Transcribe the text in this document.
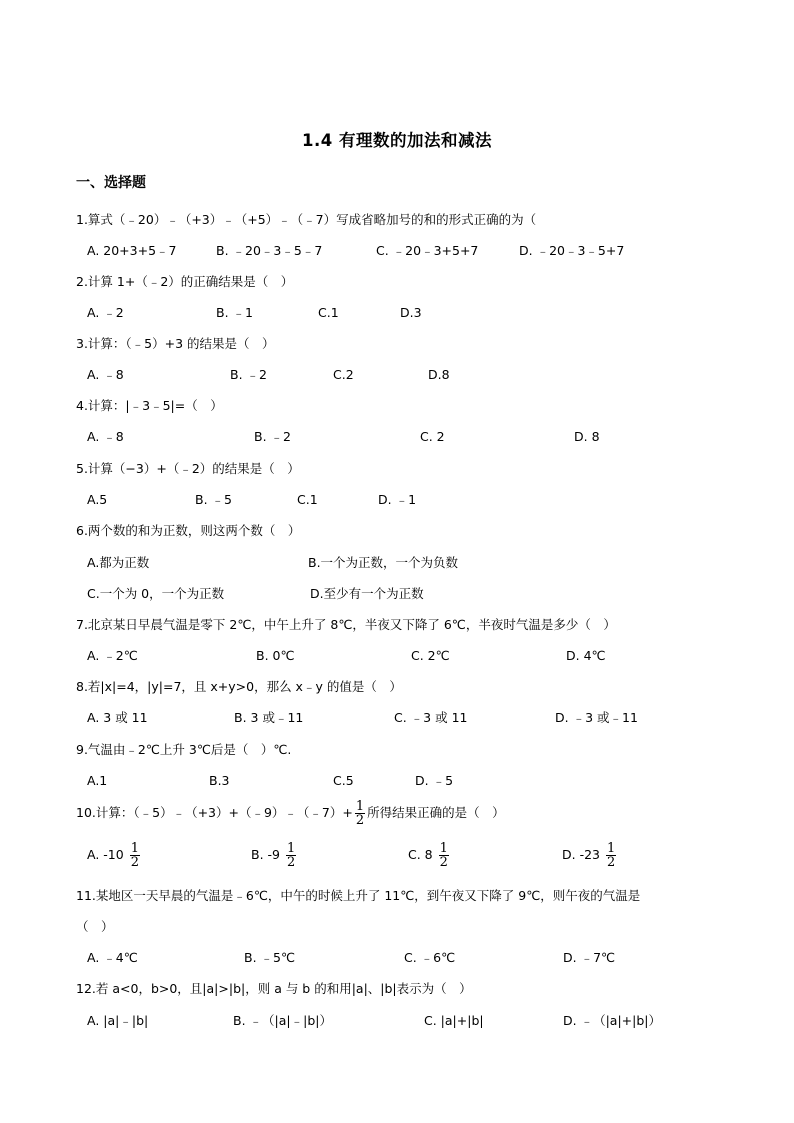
1.4 有理数的加法和减法
一、选择题
1.算式（﹣20）﹣（+3）﹣（+5）﹣（﹣7）写成省略加号的和的形式正确的为（
A. 20+3+5﹣7	B. ﹣20﹣3﹣5﹣7	C. ﹣20﹣3+5+7	D. ﹣20﹣3﹣5+7
2.计算 1+（﹣2）的正确结果是（　）
A. ﹣2	B. ﹣1	C.1	D.3
3.计算：（﹣5）+3 的结果是（　）
A. ﹣8	B. ﹣2	C.2	D.8
4.计算：|﹣3﹣5|=（　）
A. ﹣8	B. ﹣2	C. 2	D. 8
5.计算（−3）+（﹣2）的结果是（　）
A.5	B. ﹣5	C.1	D. ﹣1
6.两个数的和为正数，则这两个数（　）
A.都为正数	B.一个为正数，一个为负数
C.一个为 0，一个为正数	D.至少有一个为正数
7.北京某日早晨气温是零下 2℃，中午上升了 8℃，半夜又下降了 6℃，半夜时气温是多少（　）
A. ﹣2℃	B. 0℃	C. 2℃	D. 4℃
8.若|x|=4，|y|=7，且 x+y>0，那么 x﹣y 的值是（　）
A. 3 或 11	B. 3 或﹣11	C. ﹣3 或 11	D. ﹣3 或﹣11
9.气温由﹣2℃上升 3℃后是（　）℃.
A.1	B.3	C.5	D. ﹣5
10.计算：（﹣5）﹣（+3）+（﹣9）﹣（﹣7）+ $\frac{1}{2}$ 所得结果正确的是（　）
A. $-10 \frac{1}{2}$	B. $-9 \frac{1}{2}$	C. $8 \frac{1}{2}$	D. $-23 \frac{1}{2}$
11.某地区一天早晨的气温是﹣6℃，中午的时候上升了 11℃，到午夜又下降了 9℃，则午夜的气温是
（　）
A. ﹣4℃	B. ﹣5℃	C. ﹣6℃	D. ﹣7℃
12.若 a<0，b>0，且|a|>|b|，则 a 与 b 的和用|a|、|b|表示为（　）
A. |a|﹣|b|	B. ﹣（|a|﹣|b|）	C. |a|+|b|	D. ﹣（|a|+|b|）
